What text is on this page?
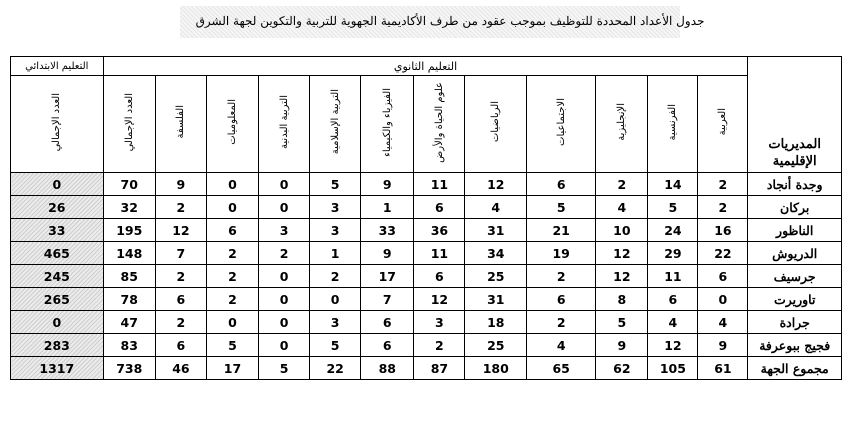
جدول الأعداد المحددة للتوظيف بموجب عقود من طرف الأكاديمية الجهوية للتربية والتكوين لجهة الشرق
المديريات الإقليمية	التعليم الثانوي												التعليم الابتدائي
	العربية	الفرنسية	الإنجليزية	الاجتماعيات	الرياضيات	علوم الحياة والأرض	الفيزياء والكيمياء	التربية الإسلامية	التربية البدنية	المعلوميات	الفلسفة	العدد الإجمالي	العدد الإجمالي
وجدة أنجاد	2	14	2	6	12	11	9	5	0	0	9	70	0
بركان	2	5	4	5	4	6	1	3	0	0	2	32	26
الناظور	16	24	10	21	31	36	33	3	3	6	12	195	33
الدريوش	22	29	12	19	34	11	9	1	2	2	7	148	465
جرسيف	6	11	12	2	25	6	17	2	0	2	2	85	245
تاوريرت	0	6	8	6	31	12	7	0	0	2	6	78	265
جرادة	4	4	5	2	18	3	6	3	0	0	2	47	0
فجيج ببوعرفة	9	12	9	4	25	2	6	5	0	5	6	83	283
مجموع الجهة	61	105	62	65	180	87	88	22	5	17	46	738	1317
